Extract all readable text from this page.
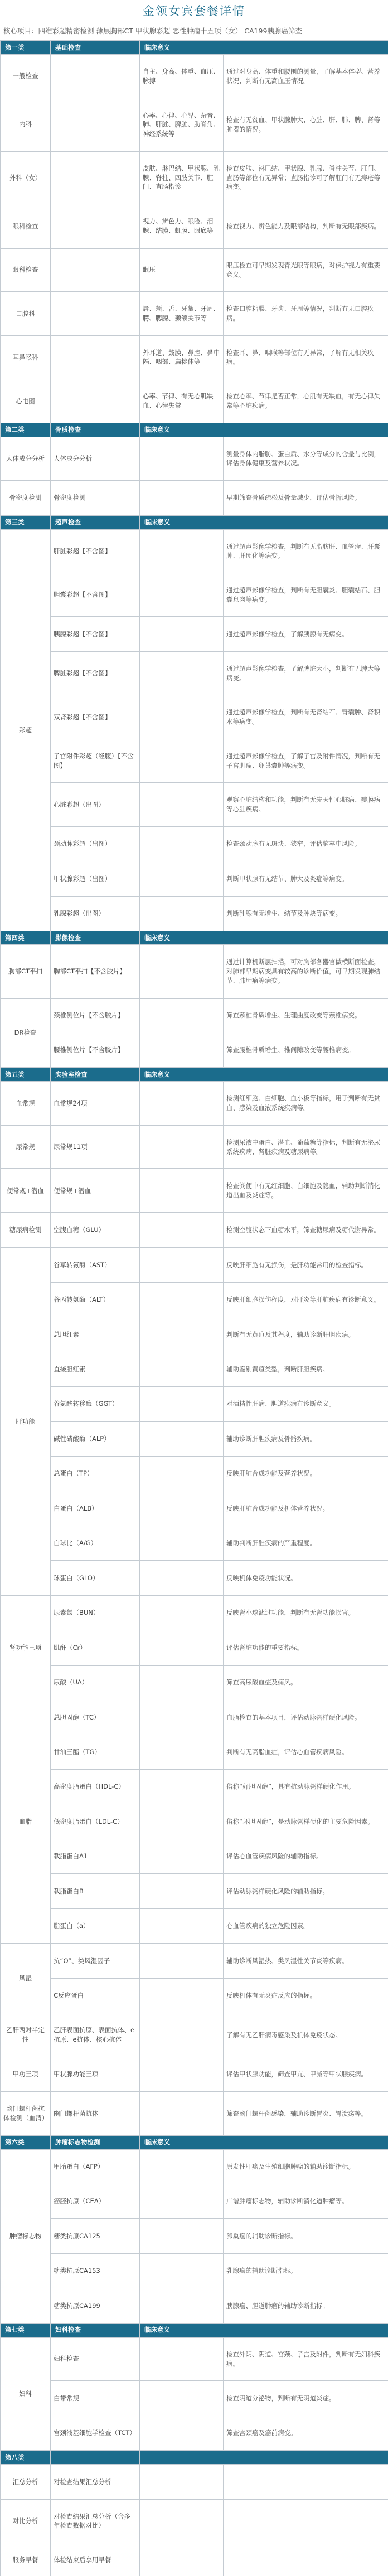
金领女宾套餐详情
核心项目：四维彩超精密检测 薄层胸部CT 甲状腺彩超 恶性肿瘤十五项（女） CA199胰腺癌筛查
第一类	基础检查	临床意义	
一般检查		自主、身高、体重、血压、脉搏	通过对身高、体重和腰围的测量，了解基本体型、营养状况、判断有无高血压情况。
内科		心率、心律、心界、杂音、肺、肝脏、脾脏、肋脊角、神经系统等	检查有无贫血、甲状腺肿大、心脏、肝、肺、脾、肾等脏器的情况。
外科（女）		皮肤、淋巴结、甲状腺、乳腺、脊柱、四肢关节、肛门、直肠指诊	检查皮肤、淋巴结、甲状腺、乳腺、脊柱关节、肛门、直肠等部位有无异常；直肠指诊可了解肛门有无痔疮等病变。
眼科检查		视力、辨色力、眼睑、泪腺、结膜、虹膜、眼底等	检查视力、辨色能力及眼部结构，判断有无眼部疾病。
眼科检查		眼压	眼压检查可早期发现青光眼等眼病，对保护视力有重要意义。
口腔科		唇、颊、舌、牙龈、牙周、腭、腮腺、颞颌关节等	检查口腔粘膜、牙齿、牙周等情况，判断有无口腔疾病。
耳鼻喉科		外耳道、鼓膜、鼻腔、鼻中隔、咽部、扁桃体等	检查耳、鼻、咽喉等部位有无异常，了解有无相关疾病。
心电图		心率、节律、有无心肌缺血、心律失常	检查心率、节律是否正常，心肌有无缺血，有无心律失常等心脏疾病。
第二类	骨质检查	临床意义	
人体成分分析	人体成分分析		测量身体内脂肪、蛋白质、水分等成分的含量与比例，评估身体健康及营养状况。
骨密度检测	骨密度检测		早期筛查骨质疏松及骨量减少，评估骨折风险。
第三类	超声检查	临床意义	
彩超	肝脏彩超【不含图】		通过超声影像学检查，判断有无脂肪肝、血管瘤、肝囊肿、肝硬化等病变。
	胆囊彩超【不含图】		通过超声影像学检查，判断有无胆囊炎、胆囊结石、胆囊息肉等病变。
	胰腺彩超【不含图】		通过超声影像学检查，了解胰腺有无病变。
	脾脏彩超【不含图】		通过超声影像学检查，了解脾脏大小，判断有无脾大等病变。
	双肾彩超【不含图】		通过超声影像学检查，判断有无肾结石、肾囊肿、肾积水等病变。
	子宫附件彩超（经腹）【不含图】		通过超声影像学检查，了解子宫及附件情况，判断有无子宫肌瘤、卵巢囊肿等病变。
	心脏彩超（出图）		观察心脏结构和功能，判断有无先天性心脏病、瓣膜病等心脏疾病。
	颈动脉彩超（出图）		检查颈动脉有无斑块、狭窄，评估脑卒中风险。
	甲状腺彩超（出图）		判断甲状腺有无结节、肿大及炎症等病变。
	乳腺彩超（出图）		判断乳腺有无增生、结节及肿块等病变。
第四类	影像检查	临床意义	
胸部CT平扫	胸部CT平扫【不含胶片】		通过计算机断层扫描，可对胸部各器官做横断面检查，对肺部早期病变具有较高的诊断价值，可早期发现肺结节、肺肿瘤等病变。
DR检查	颈椎侧位片【不含胶片】		筛查颈椎骨质增生、生理曲度改变等颈椎病变。
	腰椎侧位片【不含胶片】		筛查腰椎骨质增生、椎间隙改变等腰椎病变。
第五类	实验室检查	临床意义	
血常规	血常规24项		检测红细胞、白细胞、血小板等指标，用于判断有无贫血、感染及血液系统疾病等。
尿常规	尿常规11项		检测尿液中蛋白、潜血、葡萄糖等指标，判断有无泌尿系统疾病、肾脏疾病及糖尿病等。
便常规+潜血	便常规+潜血		检查粪便中有无红细胞、白细胞及隐血，辅助判断消化道出血及炎症等。
糖尿病检测	空腹血糖（GLU）		检测空腹状态下血糖水平，筛查糖尿病及糖代谢异常。
肝功能	谷草转氨酶（AST）		反映肝细胞有无损伤，是肝功能常用的检查指标。
	谷丙转氨酶（ALT）		反映肝细胞损伤程度，对肝炎等肝脏疾病有诊断意义。
	总胆红素		判断有无黄疸及其程度，辅助诊断肝胆疾病。
	直接胆红素		辅助鉴别黄疸类型，判断肝胆疾病。
	谷氨酰转移酶（GGT）		对酒精性肝病、胆道疾病有诊断意义。
	碱性磷酸酶（ALP）		辅助诊断肝胆疾病及骨骼疾病。
	总蛋白（TP）		反映肝脏合成功能及营养状况。
	白蛋白（ALB）		反映肝脏合成功能及机体营养状况。
	白球比（A/G）		辅助判断肝脏疾病的严重程度。
	球蛋白（GLO）		反映机体免疫功能状况。
肾功能三项	尿素氮（BUN）		反映肾小球滤过功能，判断有无肾功能损害。
	肌酐（Cr）		评估肾脏功能的重要指标。
	尿酸（UA）		筛查高尿酸血症及痛风。
血脂	总胆固醇（TC）		血脂检查的基本项目，评估动脉粥样硬化风险。
	甘油三酯（TG）		判断有无高脂血症，评估心血管疾病风险。
	高密度脂蛋白（HDL-C）		俗称“好胆固醇”，具有抗动脉粥样硬化作用。
	低密度脂蛋白（LDL-C）		俗称“坏胆固醇”，是动脉粥样硬化的主要危险因素。
	载脂蛋白A1		评估心血管疾病风险的辅助指标。
	载脂蛋白B		评估动脉粥样硬化风险的辅助指标。
	脂蛋白（a）		心血管疾病的独立危险因素。
风湿	抗“O”、类风湿因子		辅助诊断风湿热、类风湿性关节炎等疾病。
	C反应蛋白		反映机体有无炎症反应的指标。
乙肝两对半定性	乙肝表面抗原、表面抗体、e抗原、e抗体、核心抗体		了解有无乙肝病毒感染及机体免疫状态。
甲功三项	甲状腺功能三项		评估甲状腺功能，筛查甲亢、甲减等甲状腺疾病。
幽门螺杆菌抗体检测（血清）	幽门螺杆菌抗体		筛查幽门螺杆菌感染，辅助诊断胃炎、胃溃疡等。
第六类	肿瘤标志物检测	临床意义	
肿瘤标志物	甲胎蛋白（AFP）		原发性肝癌及生殖细胞肿瘤的辅助诊断指标。
	癌胚抗原（CEA）		广谱肿瘤标志物，辅助诊断消化道肿瘤等。
	糖类抗原CA125		卵巢癌的辅助诊断指标。
	糖类抗原CA153		乳腺癌的辅助诊断指标。
	糖类抗原CA199		胰腺癌、胆道肿瘤的辅助诊断指标。
第七类	妇科检查	临床意义	
妇科	妇科检查		检查外阴、阴道、宫颈、子宫及附件，判断有无妇科疾病。
	白带常规		检查阴道分泌物，判断有无阴道炎症。
	宫颈液基细胞学检查（TCT）		筛查宫颈癌及癌前病变。
第八类			
汇总分析	对检查结果汇总分析		
对比分析	对检查结果汇总分析（含多年检查数据对比）		
服务早餐	体检结束后享用早餐		
